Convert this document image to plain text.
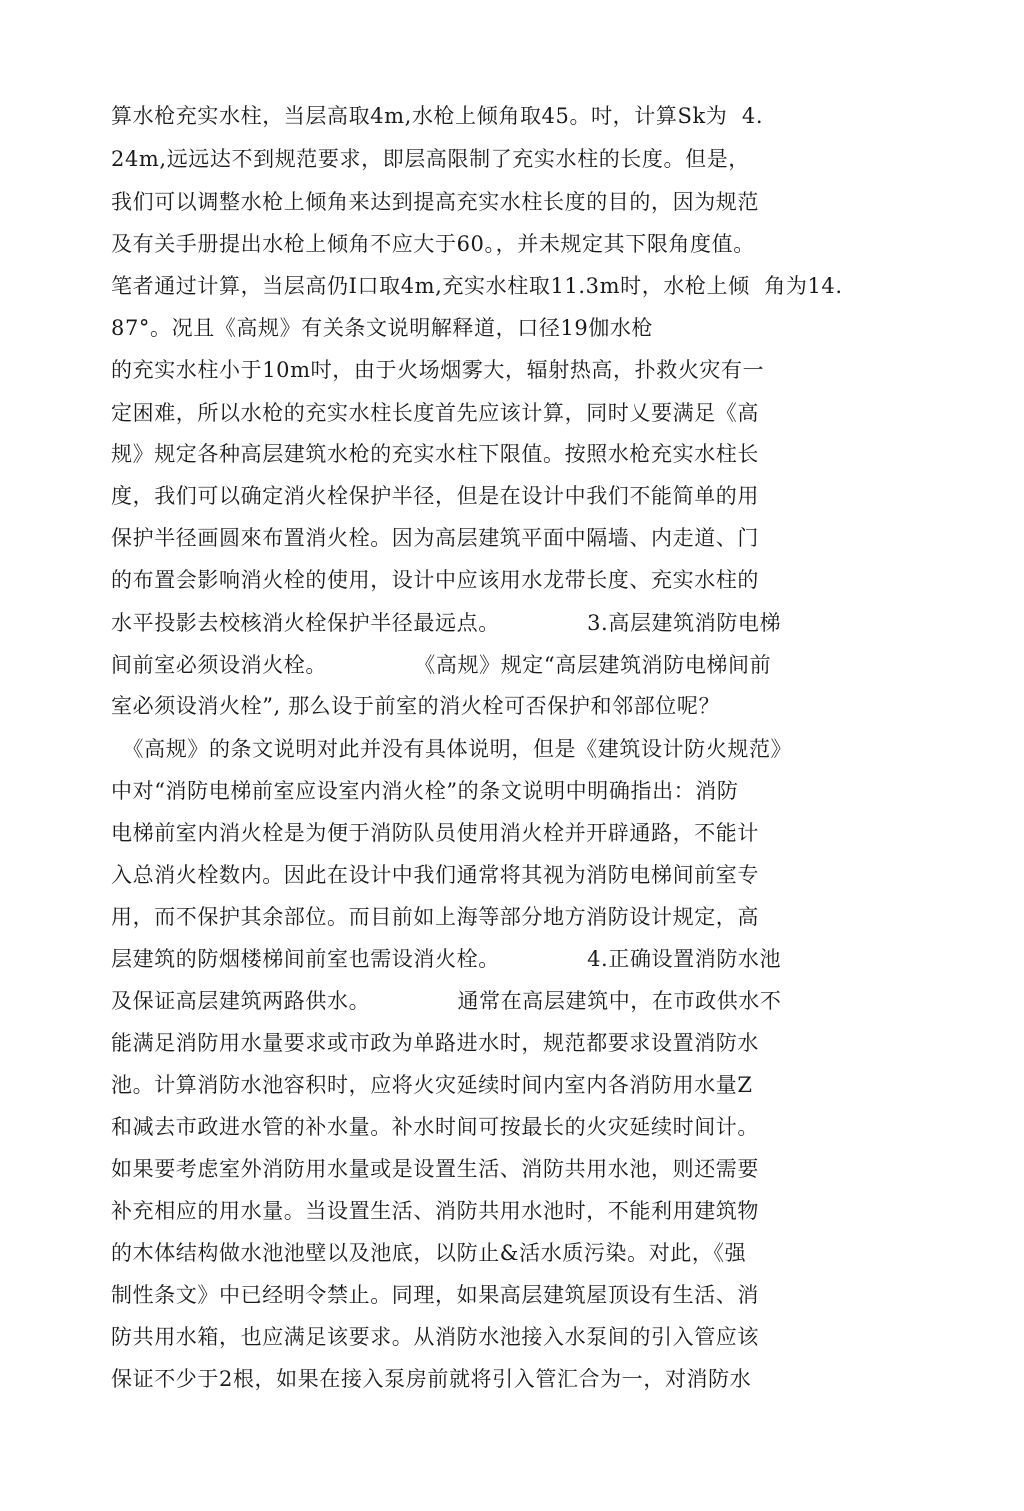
算水枪充实水柱，当层高取4m,水枪上倾角取45。吋，计算Sk为  4.
24m,远远达不到规范要求，即层高限制了充实水柱的长度。但是，
我们可以调整水枪上倾角来达到提高充实水柱长度的目的，因为规范
及有关手册提出水枪上倾角不应大于60。，并未规定其下限角度值。
笔者通过计算，当层高仍I口取4m,充实水柱取11.3m时，水枪上倾  角为14.
87°。况且《高规》有关条文说明解释道，口径19伽水枪
的充实水柱小于10m吋，由于火场烟雾大，辐射热高，扑救火灾有一
定困难，所以水枪的充实水柱长度首先应该计算，同时乂要满足《高
规》规定各种高层建筑水枪的充实水柱下限值。按照水枪充实水柱长
度，我们可以确定消火栓保护半径，但是在设计中我们不能简单的用
保护半径画圆來布置消火栓。因为高层建筑平面中隔墙、内走道、门
的布置会影响消火栓的使用，设计中应该用水龙带长度、充实水柱的
水平投影去校核消火栓保护半径最远点。            3.高层建筑消防电梯
间前室必须设消火栓。            《高规》规定“高层建筑消防电梯间前
室必须设消火栓”, 那么设于前室的消火栓可否保护和邻部位呢？
《高规》的条文说明对此并没有具体说明，但是《建筑设计防火规范》
中对“消防电梯前室应设室内消火栓”的条文说明中明确指出：消防
电梯前室内消火栓是为便于消防队员使用消火栓并开辟通路，不能计
入总消火栓数内。因此在设计中我们通常将其视为消防电梯间前室专
用，而不保护其余部位。而目前如上海等部分地方消防设计规定，高
层建筑的防烟楼梯间前室也需设消火栓。            4.正确设置消防水池
及保证高层建筑两路供水。            通常在高层建筑中，在市政供水不
能满足消防用水量要求或市政为单路进水时，规范都要求设置消防水
池。计算消防水池容积时，应将火灾延续时间内室内各消防用水量Z
和减去市政进水管的补水量。补水时间可按最长的火灾延续时间计。
如果要考虑室外消防用水量或是设置生活、消防共用水池，则还需要
补充相应的用水量。当设置生活、消防共用水池时，不能利用建筑物
的木体结构做水池池壁以及池底，以防止&活水质污染。对此，《强
制性条文》中已经明令禁止。同理，如果高层建筑屋顶设有生活、消
防共用水箱，也应满足该要求。从消防水池接入水泵间的引入管应该
保证不少于2根，如果在接入泵房前就将引入管汇合为一，对消防水
